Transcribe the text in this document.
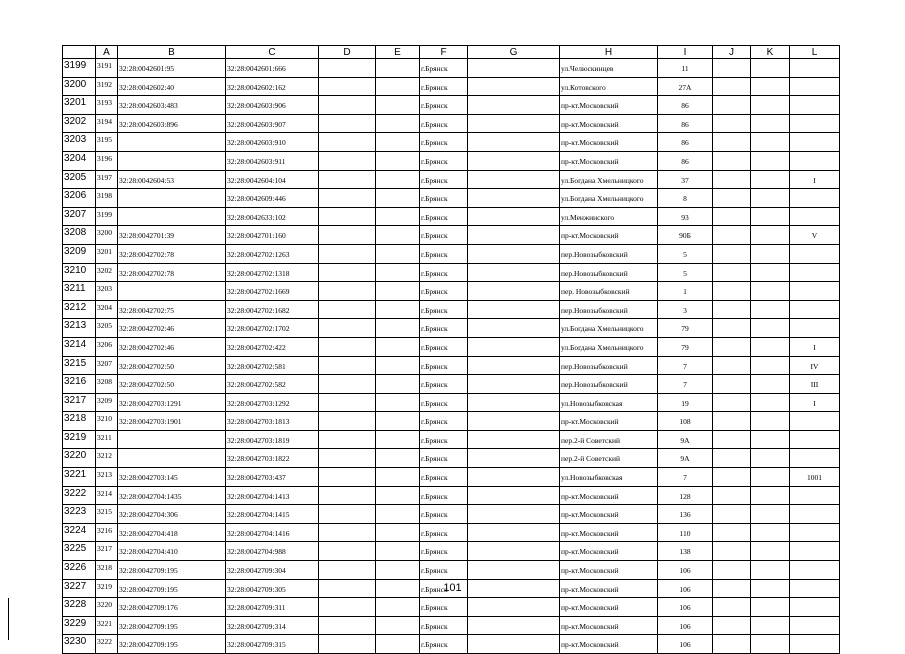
	A	B	C	D	E	F	G	H	I	J	K	L
3199	3191	32:28:0042601:95	32:28:0042601:666			г.Брянск		ул.Челюскинцев	11			
3200	3192	32:28:0042602:40	32:28:0042602:162			г.Брянск		ул.Котовского	27А			
3201	3193	32:28:0042603:483	32:28:0042603:906			г.Брянск		пр-кт.Московский	86			
3202	3194	32:28:0042603:896	32:28:0042603:907			г.Брянск		пр-кт.Московский	86			
3203	3195		32:28:0042603:910			г.Брянск		пр-кт.Московский	86			
3204	3196		32:28:0042603:911			г.Брянск		пр-кт.Московский	86			
3205	3197	32:28:0042604:53	32:28:0042604:104			г.Брянск		ул.Богдана Хмельницкого	37			I
3206	3198		32:28:0042609:446			г.Брянск		ул.Богдана Хмельницкого	8			
3207	3199		32:28:0042633:102			г.Брянск		ул.Менжинского	93			
3208	3200	32:28:0042701:39	32:28:0042701:160			г.Брянск		пр-кт.Московский	90Б			V
3209	3201	32:28:0042702:78	32:28:0042702:1263			г.Брянск		пер.Новозыбковский	5			
3210	3202	32:28:0042702:78	32:28:0042702:1318			г.Брянск		пер.Новозыбковский	5			
3211	3203		32:28:0042702:1669			г.Брянск		пер. Новозыбковский	1			
3212	3204	32:28:0042702:75	32:28:0042702:1682			г.Брянск		пер.Новозыбковский	3			
3213	3205	32:28:0042702:46	32:28:0042702:1702			г.Брянск		ул.Богдана Хмельницкого	79			
3214	3206	32:28:0042702:46	32:28:0042702:422			г.Брянск		ул.Богдана Хмельницкого	79			I
3215	3207	32:28:0042702:50	32:28:0042702:581			г.Брянск		пер.Новозыбковский	7			IV
3216	3208	32:28:0042702:50	32:28:0042702:582			г.Брянск		пер.Новозыбковский	7			III
3217	3209	32:28:0042703:1291	32:28:0042703:1292			г.Брянск		ул.Новозыбковская	19			I
3218	3210	32:28:0042703:1901	32:28:0042703:1813			г.Брянск		пр-кт.Московский	108			
3219	3211		32:28:0042703:1819			г.Брянск		пер.2-й Советский	9А			
3220	3212		32:28:0042703:1822			г.Брянск		пер.2-й Советский	9А			
3221	3213	32:28:0042703:145	32:28:0042703:437			г.Брянск		ул.Новозыбковская	7			1001
3222	3214	32:28:0042704:1435	32:28:0042704:1413			г.Брянск		пр-кт.Московский	128			
3223	3215	32:28:0042704:306	32:28:0042704:1415			г.Брянск		пр-кт.Московский	136			
3224	3216	32:28:0042704:418	32:28:0042704:1416			г.Брянск		пр-кт.Московский	110			
3225	3217	32:28:0042704:410	32:28:0042704:988			г.Брянск		пр-кт.Московский	138			
3226	3218	32:28:0042709:195	32:28:0042709:304			г.Брянск		пр-кт.Московский	106			
3227	3219	32:28:0042709:195	32:28:0042709:305			г.Брянск		пр-кт.Московский	106			
3228	3220	32:28:0042709:176	32:28:0042709:311			г.Брянск		пр-кт.Московский	106			
3229	3221	32:28:0042709:195	32:28:0042709:314			г.Брянск		пр-кт.Московский	106			
3230	3222	32:28:0042709:195	32:28:0042709:315			г.Брянск		пр-кт.Московский	106			
101
